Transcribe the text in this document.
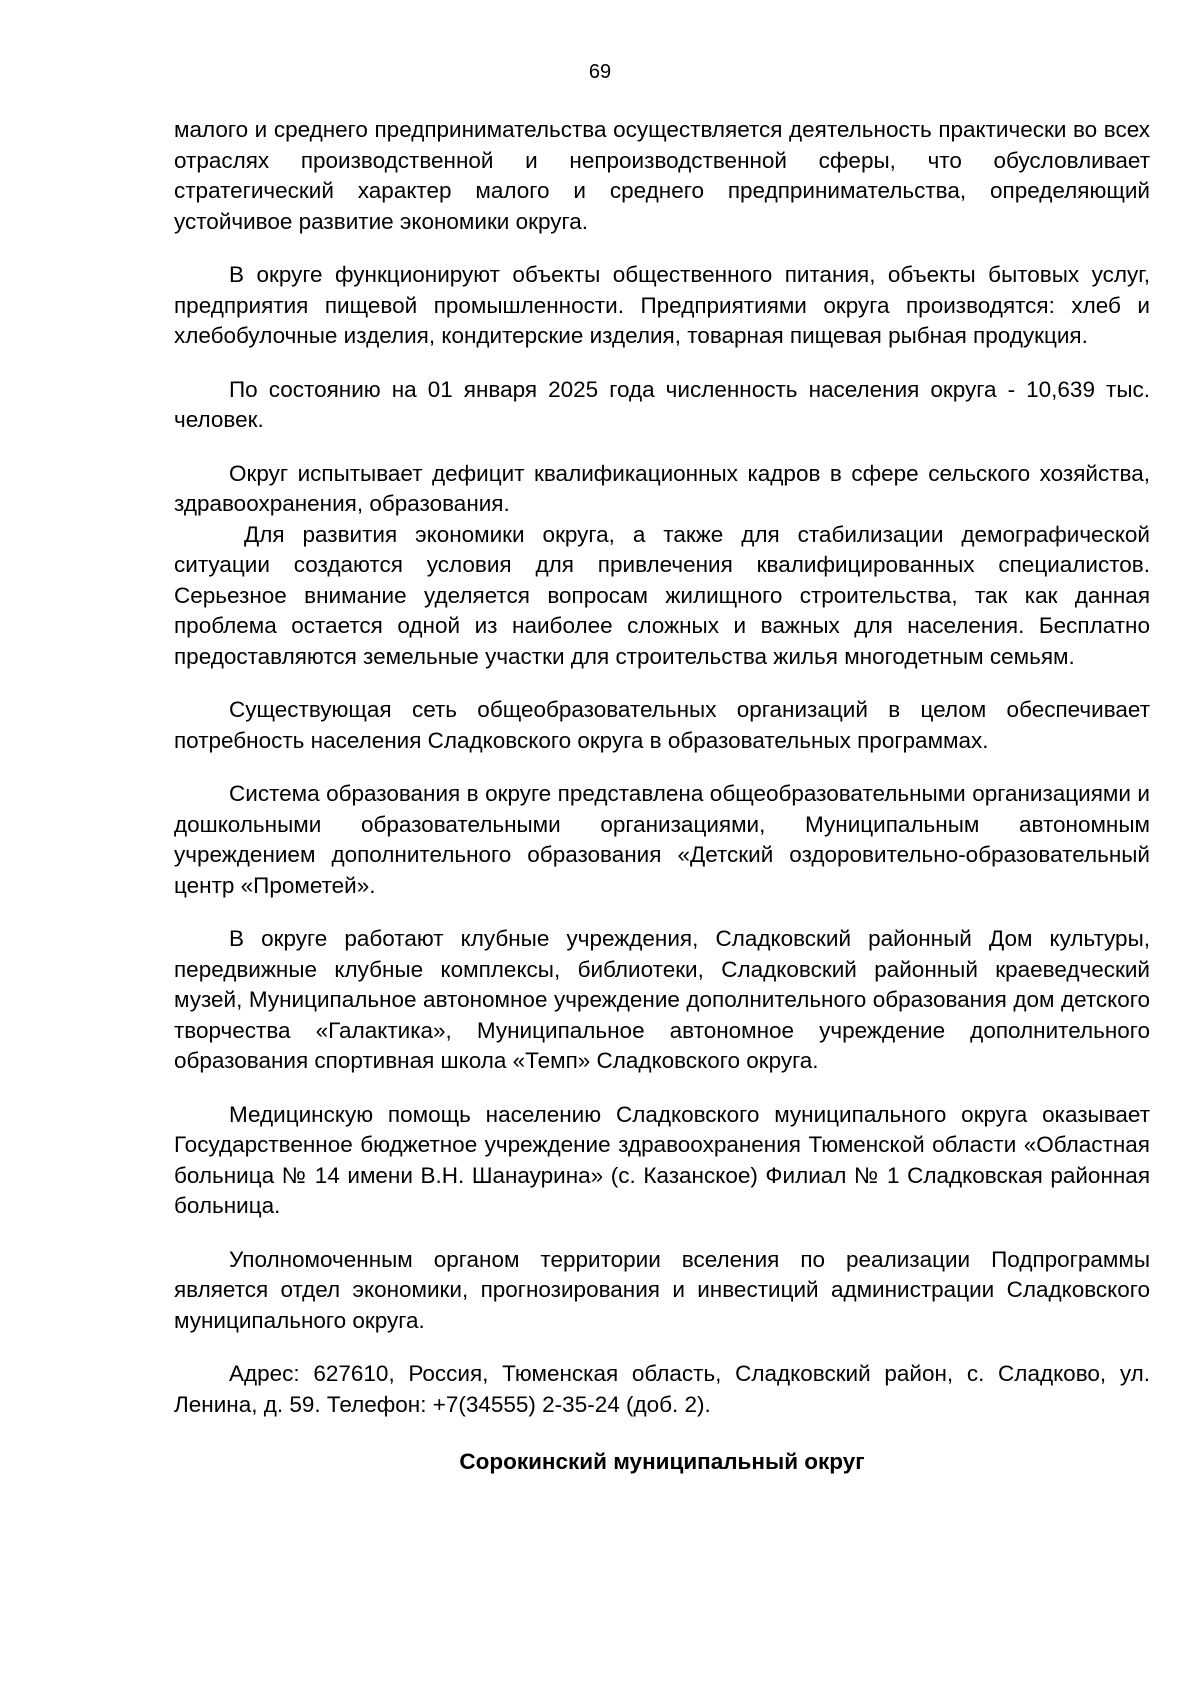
69

малого и среднего предпринимательства осуществляется деятельность практически во всех отраслях производственной и непроизводственной сферы, что обусловливает стратегический характер малого и среднего предпринимательства, определяющий устойчивое развитие экономики округа.

В округе функционируют объекты общественного питания, объекты бытовых услуг, предприятия пищевой промышленности. Предприятиями округа производятся: хлеб и хлебобулочные изделия, кондитерские изделия, товарная пищевая рыбная продукция.

По состоянию на 01 января 2025 года численность населения округа - 10,639 тыс. человек.

Округ испытывает дефицит квалификационных кадров в сфере сельского хозяйства, здравоохранения, образования.

Для развития экономики округа, а также для стабилизации демографической ситуации создаются условия для привлечения квалифицированных специалистов. Серьезное внимание уделяется вопросам жилищного строительства, так как данная проблема остается одной из наиболее сложных и важных для населения. Бесплатно предоставляются земельные участки для строительства жилья многодетным семьям.

Существующая сеть общеобразовательных организаций в целом обеспечивает потребность населения Сладковского округа в образовательных программах.

Система образования в округе представлена общеобразовательными организациями и дошкольными образовательными организациями, Муниципальным автономным учреждением дополнительного образования «Детский оздоровительно-образовательный центр «Прометей».

В округе работают клубные учреждения, Сладковский районный Дом культуры, передвижные клубные комплексы, библиотеки, Сладковский районный краеведческий музей, Муниципальное автономное учреждение дополнительного образования дом детского творчества «Галактика», Муниципальное автономное учреждение дополнительного образования спортивная школа «Темп» Сладковского округа.

Медицинскую помощь населению Сладковского муниципального округа оказывает Государственное бюджетное учреждение здравоохранения Тюменской области «Областная больница № 14 имени В.Н. Шанаурина» (с. Казанское) Филиал № 1 Сладковская районная больница.

Уполномоченным органом территории вселения по реализации Подпрограммы является отдел экономики, прогнозирования и инвестиций администрации Сладковского муниципального округа.

Адрес: 627610, Россия, Тюменская область, Сладковский район, с. Сладково, ул. Ленина, д. 59. Телефон: +7(34555) 2-35-24 (доб. 2).

Сорокинский муниципальный округ
